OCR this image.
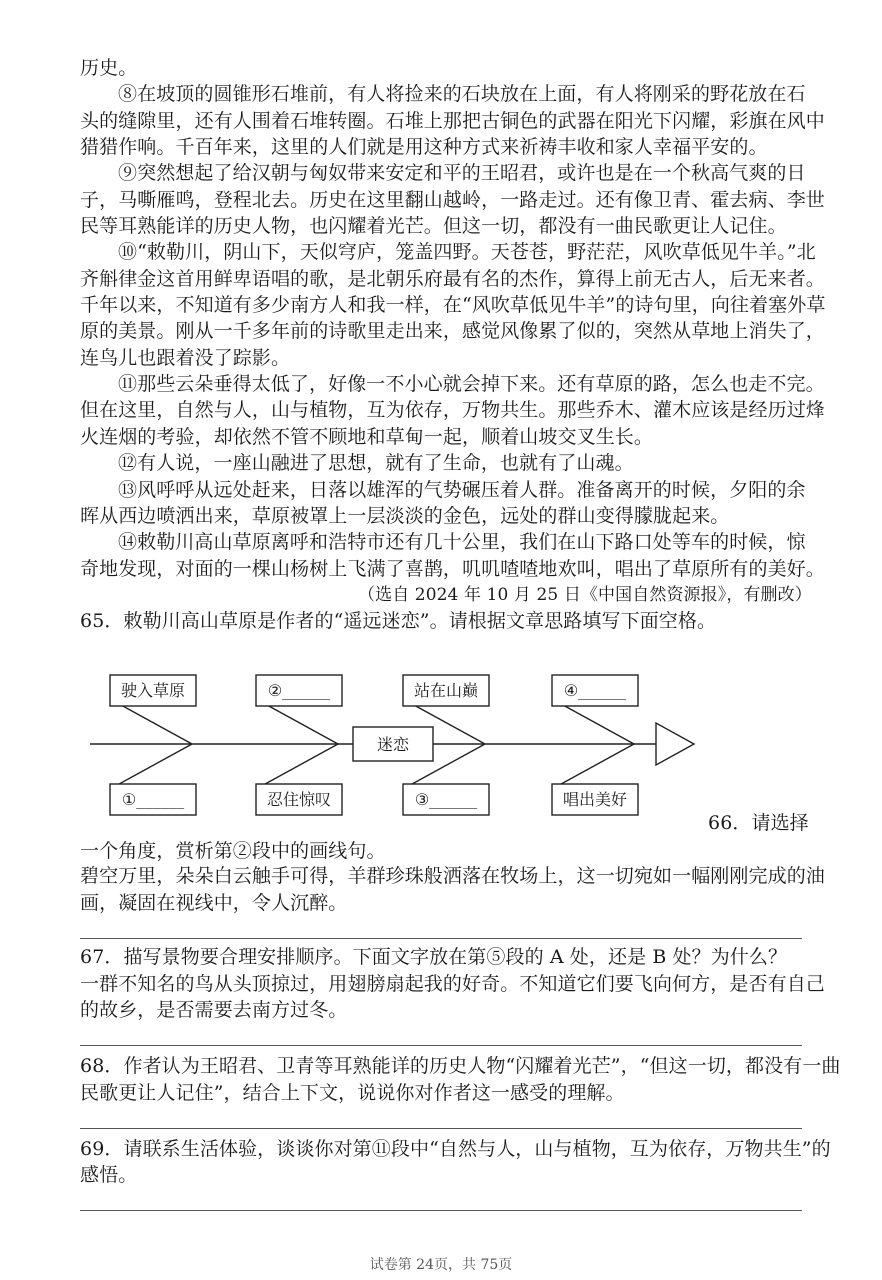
历史。

⑧在坡顶的圆锥形石堆前，有人将捡来的石块放在上面，有人将刚采的野花放在石

头的缝隙里，还有人围着石堆转圈。石堆上那把古铜色的武器在阳光下闪耀，彩旗在风中

猎猎作响。千百年来，这里的人们就是用这种方式来祈祷丰收和家人幸福平安的。

⑨突然想起了给汉朝与匈奴带来安定和平的王昭君，或许也是在一个秋高气爽的日

子，马嘶雁鸣，登程北去。历史在这里翻山越岭，一路走过。还有像卫青、霍去病、李世

民等耳熟能详的历史人物，也闪耀着光芒。但这一切，都没有一曲民歌更让人记住。

⑩“敕勒川，阴山下，天似穹庐，笼盖四野。天苍苍，野茫茫，风吹草低见牛羊。”北

齐斛律金这首用鲜卑语唱的歌，是北朝乐府最有名的杰作，算得上前无古人，后无来者。

千年以来，不知道有多少南方人和我一样，在“风吹草低见牛羊”的诗句里，向往着塞外草

原的美景。刚从一千多年前的诗歌里走出来，感觉风像累了似的，突然从草地上消失了，

连鸟儿也跟着没了踪影。

⑪那些云朵垂得太低了，好像一不小心就会掉下来。还有草原的路，怎么也走不完。

但在这里，自然与人，山与植物，互为依存，万物共生。那些乔木、灌木应该是经历过烽

火连烟的考验，却依然不管不顾地和草甸一起，顺着山坡交叉生长。

⑫有人说，一座山融进了思想，就有了生命，也就有了山魂。

⑬风呼呼从远处赶来，日落以雄浑的气势碾压着人群。准备离开的时候，夕阳的余

晖从西边喷洒出来，草原被罩上一层淡淡的金色，远处的群山变得朦胧起来。

⑭敕勒川高山草原离呼和浩特市还有几十公里，我们在山下路口处等车的时候，惊

奇地发现，对面的一棵山杨树上飞满了喜鹊，叽叽喳喳地欢叫，唱出了草原所有的美好。

（选自 2024 年 10 月 25 日《中国自然资源报》，有删改）

65．敕勒川高山草原是作者的“遥远迷恋”。请根据文章思路填写下面空格。

驶入草原	②______	站在山巅	④______
①______	忍住惊叹	③______	唱出美好
迷恋

66．请选择

一个角度，赏析第②段中的画线句。

碧空万里，朵朵白云触手可得，羊群珍珠般洒落在牧场上，这一切宛如一幅刚刚完成的油

画，凝固在视线中，令人沉醉。

67．描写景物要合理安排顺序。下面文字放在第⑤段的 A 处，还是 B 处？为什么？

一群不知名的鸟从头顶掠过，用翅膀扇起我的好奇。不知道它们要飞向何方，是否有自己

的故乡，是否需要去南方过冬。

68．作者认为王昭君、卫青等耳熟能详的历史人物“闪耀着光芒”，“但这一切，都没有一曲

民歌更让人记住”，结合上下文，说说你对作者这一感受的理解。

69．请联系生活体验，谈谈你对第⑪段中“自然与人，山与植物，互为依存，万物共生”的

感悟。

试卷第 24页，共 75页
